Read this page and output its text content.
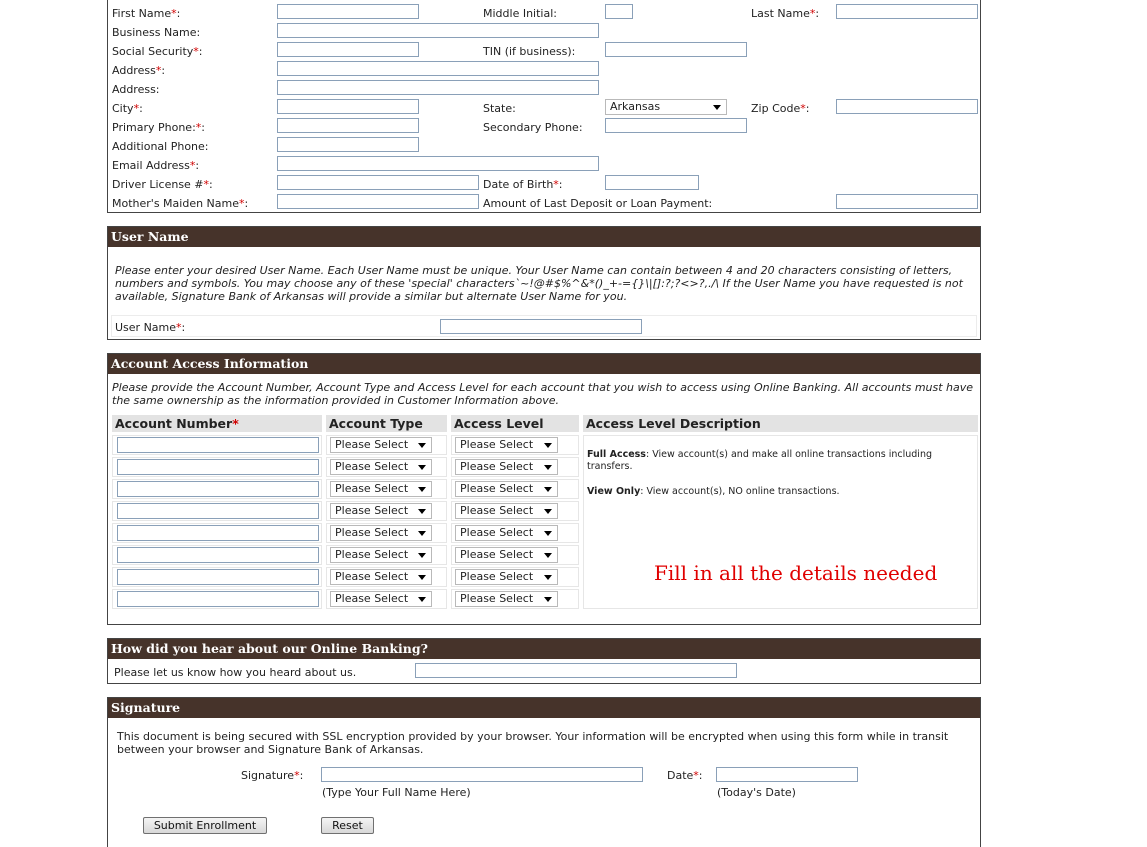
First Name*:	Middle Initial:	Last Name*:
Business Name:
Social Security*:	TIN (if business):
Address*:
Address:
City*:	State:	Arkansas	Zip Code*:
Primary Phone:*:	Secondary Phone:
Additional Phone:
Email Address*:
Driver License #*:	Date of Birth*:
Mother's Maiden Name*:	Amount of Last Deposit or Loan Payment:
User Name
Please enter your desired User Name. Each User Name must be unique. Your User Name can contain between 4 and 20 characters consisting of letters, numbers and symbols. You may choose any of these 'special' characters`~!@#$%^&*()_+-={}\|[]:?;?<>?,./\ If the User Name you have requested is not available, Signature Bank of Arkansas will provide a similar but alternate User Name for you.
User Name*:
Account Access Information
Please provide the Account Number, Account Type and Access Level for each account that you wish to access using Online Banking. All accounts must have the same ownership as the information provided in Customer Information above.
Account Number*	Account Type	Access Level	Access Level Description
Please Select	Please Select
Please Select	Please Select
Please Select	Please Select
Please Select	Please Select
Please Select	Please Select
Please Select	Please Select
Please Select	Please Select
Please Select	Please Select
Full Access: View account(s) and make all online transactions including transfers.
View Only: View account(s), NO online transactions.
Fill in all the details needed
How did you hear about our Online Banking?
Please let us know how you heard about us.
Signature
This document is being secured with SSL encryption provided by your browser. Your information will be encrypted when using this form while in transit between your browser and Signature Bank of Arkansas.
Signature*:
(Type Your Full Name Here)
Date*:
(Today's Date)
Submit Enrollment	Reset
